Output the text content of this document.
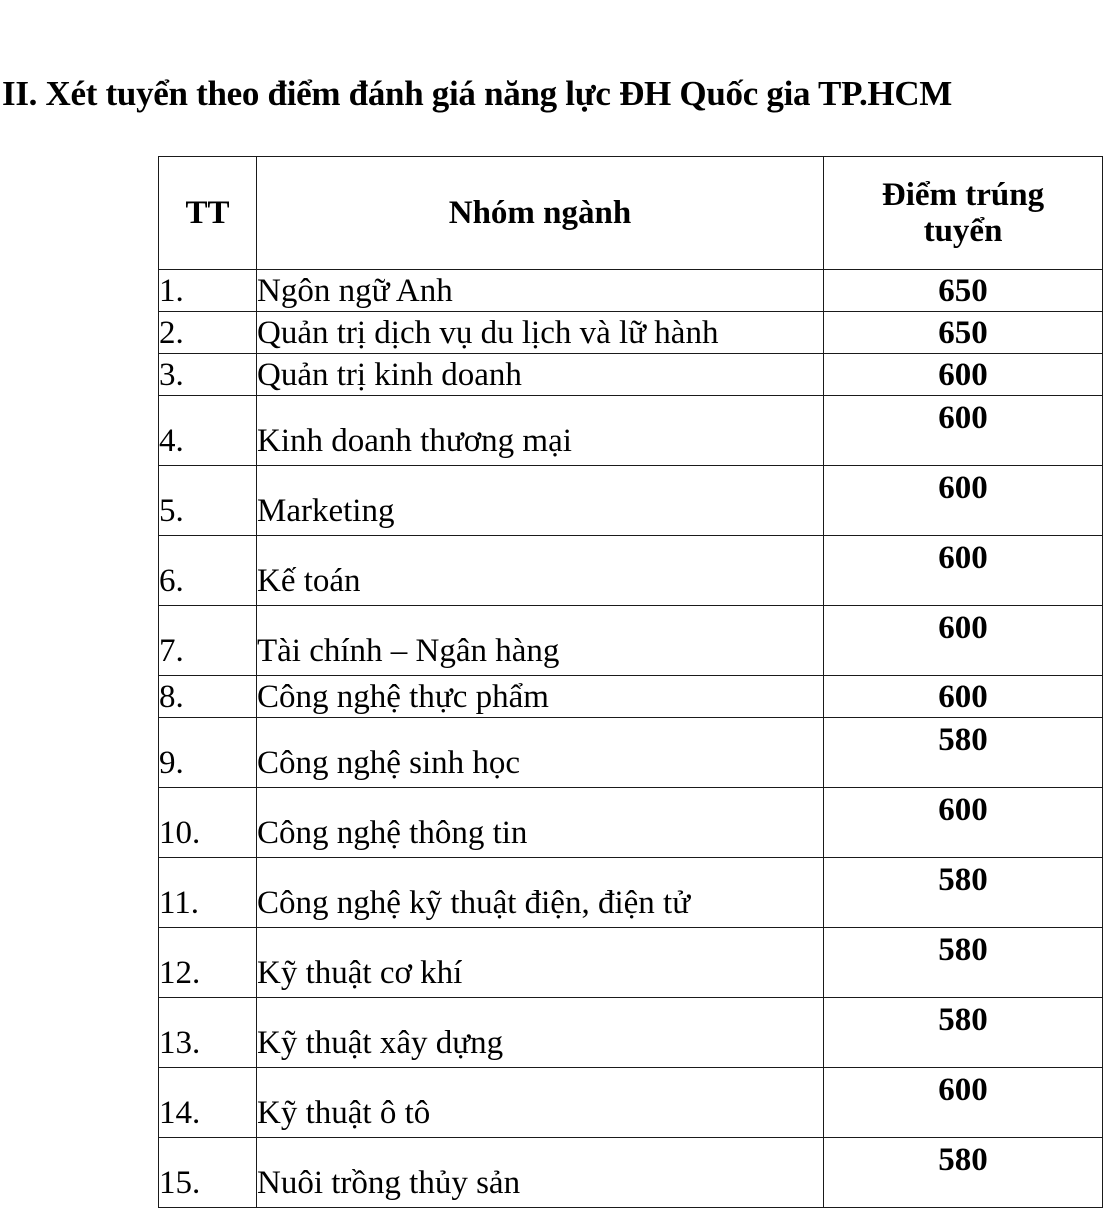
II. Xét tuyển theo điểm đánh giá năng lực ĐH Quốc gia TP.HCM
TT	Nhóm ngành	Điểm trúng
tuyển
1.	Ngôn ngữ Anh	650
2.	Quản trị dịch vụ du lịch và lữ hành	650
3.	Quản trị kinh doanh	600
4.	Kinh doanh thương mại	600
5.	Marketing	600
6.	Kế toán	600
7.	Tài chính – Ngân hàng	600
8.	Công nghệ thực phẩm	600
9.	Công nghệ sinh học	580
10.	Công nghệ thông tin	600
11.	Công nghệ kỹ thuật điện, điện tử	580
12.	Kỹ thuật cơ khí	580
13.	Kỹ thuật xây dựng	580
14.	Kỹ thuật ô tô	600
15.	Nuôi trồng thủy sản	580
